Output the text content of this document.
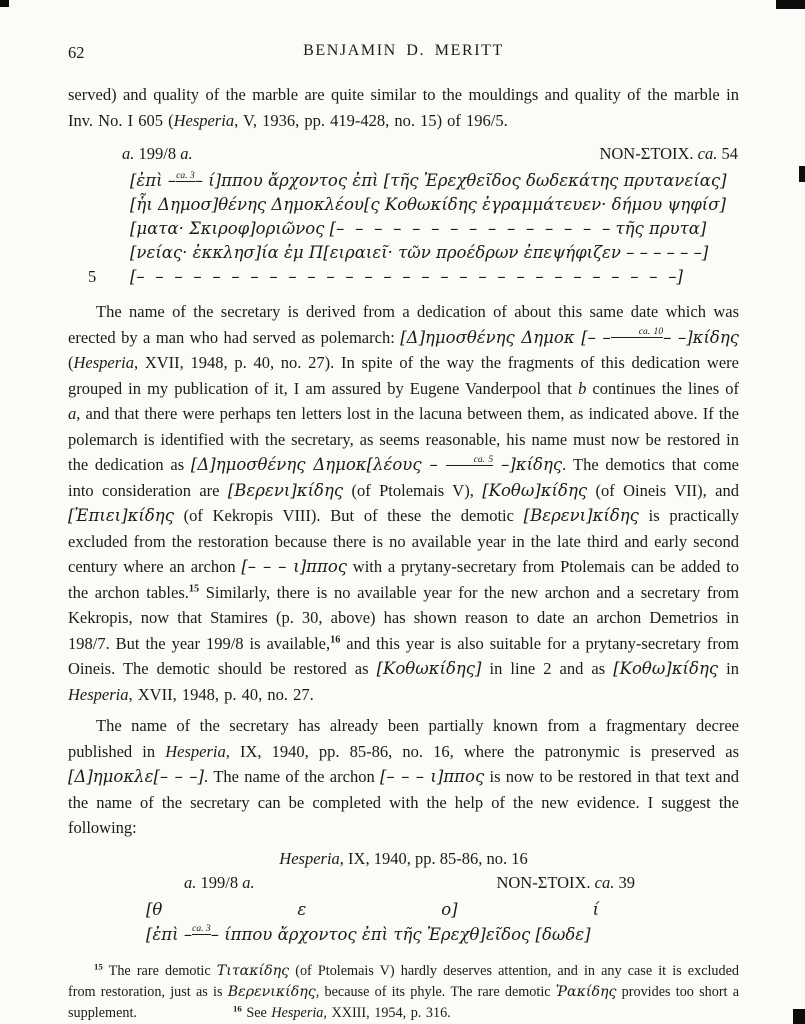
62	BENJAMIN D. MERITT
served) and quality of the marble are quite similar to the mouldings and quality of the marble in Inv. No. I 605 (Hesperia, V, 1936, pp. 419-428, no. 15) of 196/5.
a. 199/8 a.	NON-ΣΤΟΙΧ. ca. 54
[ἐπὶ –ca. 3– ί]ππου ἄρχοντος ἐπὶ [τῆς Ἐρεχθεῖδος δωδεκάτης πρυτανείας]
[ἧι Δημοσ]θένης Δημοκλέου[ς Κοθωκίδης ἐγραμμάτευεν· δήμου ψηφίσ]
[ματα· Σκιροφ]οριῶνος [– – – – – – – – – – – – – – – τῆς πρυτα]
[νείας· ἐκκλησ]ία ἐμ Π[ειραιεῖ· τῶν προέδρων ἐπεψήφιζεν – – – – – –]
5 [– – – – – – – – – – – – – – – – – – – – – – – – – – – – –]
The name of the secretary is derived from a dedication of about this same date which was erected by a man who had served as polemarch: [Δ]ημοσθένης Δημοκ [– –	ca. 10– –]κίδης (Hesperia, XVII, 1948, p. 40, no. 27). In spite of the way the fragments of this dedication were grouped in my publication of it, I am assured by Eugene Vanderpool that b continues the lines of a, and that there were perhaps ten letters lost in the lacuna between them, as indicated above. If the polemarch is identified with the secretary, as seems reasonable, his name must now be restored in the dedication as [Δ]ημοσθένης Δημοκ[λέους –	ca. 5 –]κίδης. The demotics that come into consideration are [Βερενι]κίδης (of Ptolemais V), [Κοθω]κίδης (of Oineis VII), and [Ἐπιει]κίδης (of Kekropis VIII). But of these the demotic [Βερενι]κίδης is practically excluded from the restoration because there is no available year in the late third and early second century where an archon [– – – ι]ππος with a prytany-secretary from Ptolemais can be added to the archon tables.$^{15}$ Similarly, there is no available year for the new archon and a secretary from Kekropis, now that Stamires (p. 30, above) has shown reason to date an archon Demetrios in 198/7. But the year 199/8 is available,$^{16}$ and this year is also suitable for a prytany-secretary from Oineis. The demotic should be restored as [Κοθωκίδης] in line 2 and as [Κοθω]κίδης in Hesperia, XVII, 1948, p. 40, no. 27.
The name of the secretary has already been partially known from a fragmentary decree published in Hesperia, IX, 1940, pp. 85-86, no. 16, where the patronymic is preserved as [Δ]ημοκλε[– – –]. The name of the archon [– – – ι]ππος is now to be restored in that text and the name of the secretary can be completed with the help of the new evidence. I suggest the following:
Hesperia, IX, 1940, pp. 85-86, no. 16
a. 199/8 a.	NON-ΣΤΟΙΧ. ca. 39
[θ	ε	ο]	ί
[ἐπὶ –ca. 3– ίππου ἄρχοντος ἐπὶ τῆς Ἐρεχθ]εῖδος [δωδε]
$^{15}$ The rare demotic Τιτακίδης (of Ptolemais V) hardly deserves attention, and in any case it is excluded from restoration, just as is Βερενικίδης, because of its phyle. The rare demotic Ῥακίδης provides too short a supplement.	$^{16}$ See Hesperia, XXIII, 1954, p. 316.
